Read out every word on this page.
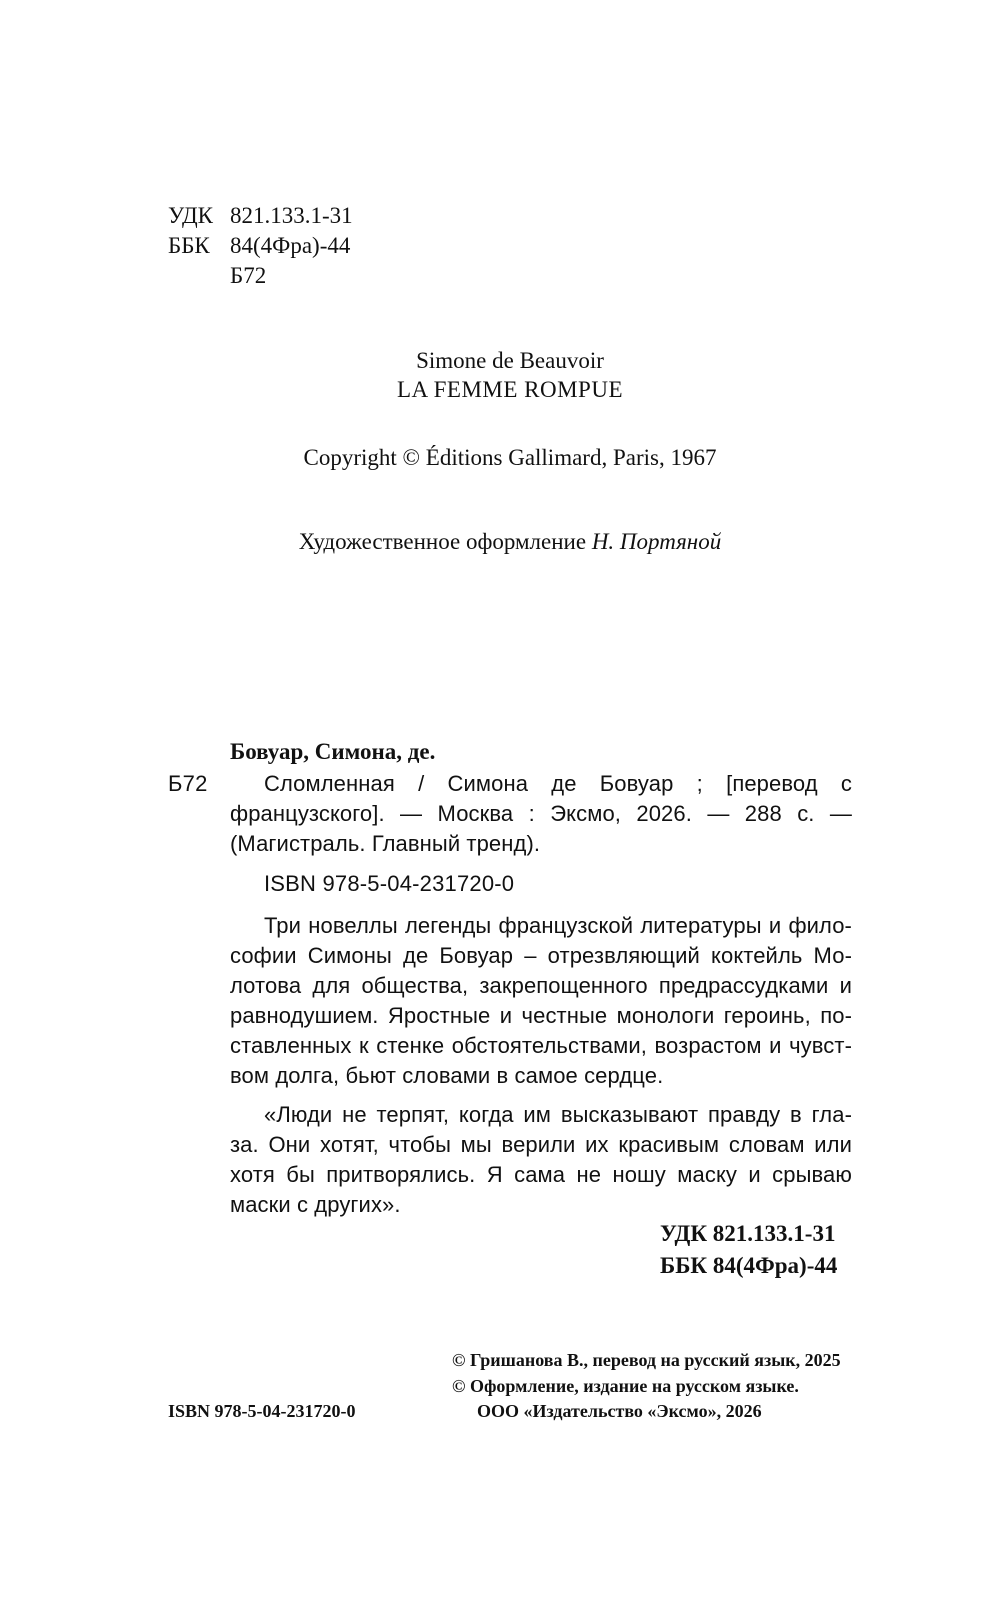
УДК 821.133.1-31
ББК 84(4Фра)-44
Б72
Simone de Beauvoir
LA FEMME ROMPUE
Copyright © Éditions Gallimard, Paris, 1967
Художественное оформление Н. Портяной
Бовуар, Симона, де.
Б72	Сломленная / Симона де Бовуар ; [перевод с
французского]. — Москва : Эксмо, 2026. — 288 с. —
(Магистраль. Главный тренд).
ISBN 978-5-04-231720-0
Три новеллы легенды французской литературы и фило-
софии Симоны де Бовуар – отрезвляющий коктейль Мо-
лотова для общества, закрепощенного предрассудками и
равнодушием. Яростные и честные монологи героинь, по-
ставленных к стенке обстоятельствами, возрастом и чувст-
вом долга, бьют словами в самое сердце.
«Люди не терпят, когда им высказывают правду в гла-
за. Они хотят, чтобы мы верили их красивым словам или
хотя бы притворялись. Я сама не ношу маску и срываю
маски с других».
УДК 821.133.1-31
ББК 84(4Фра)-44
© Гришанова В., перевод на русский язык, 2025
© Оформление, издание на русском языке.
ООО «Издательство «Эксмо», 2026
ISBN 978-5-04-231720-0
